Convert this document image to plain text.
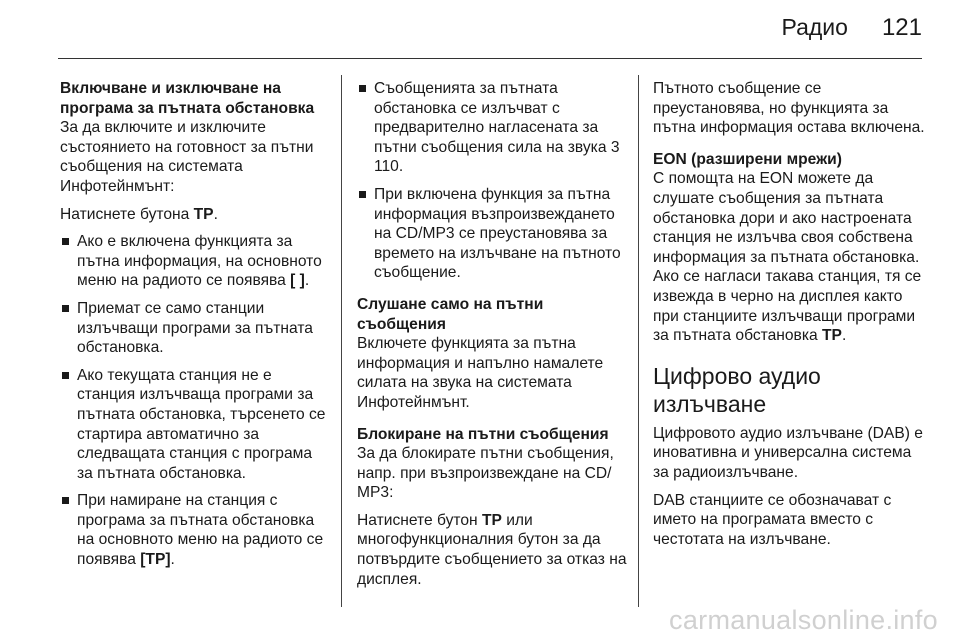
Радио 121
Включване и изключване на програма за пътната обстановка

За да включите и изключите състоянието на готовност за пътни съобщения на системата Инфотейнмънт:

Натиснете бутона TP.

Ако е включена функцията за пътна информация, на основното меню на радиото се появява [ ].
Приемат се само станции излъчващи програми за пътната обстановка.
Ако текущата станция не е станция излъчваща програми за пътната обстановка, търсенето се стартира автоматично за следващата станция с програма за пътната обстановка.
При намиране на станция с програма за пътната обстановка на основното меню на радиото се появява [TP].
Съобщенията за пътната обстановка се излъчват с предварително нагласената за пътни съобщения сила на звука 3 110.
При включена функция за пътна информация възпроизвеждането на CD/MP3 се преустановява за времето на излъчване на пътното съобщение.
Слушане само на пътни съобщения

Включете функцията за пътна информация и напълно намалете силата на звука на системата Инфотейнмънт.

Блокиране на пътни съобщения

За да блокирате пътни съобщения, напр. при възпроизвеждане на CD/ MP3:

Натиснете бутон TP или многофункционалния бутон за да потвърдите съобщението за отказ на дисплея.

Пътното съобщение се преустановява, но функцията за пътна информация остава включена.

EON (разширени мрежи)

С помощта на EON можете да слушате съобщения за пътната обстановка дори и ако настроената станция не излъчва своя собствена информация за пътната обстановка. Ако се нагласи такава станция, тя се извежда в черно на дисплея както при станциите излъчващи програми за пътната обстановка TP.

Цифрово аудио излъчване

Цифровото аудио излъчване (DAB) е иновативна и универсална система за радиоизлъчване.

DAB станциите се обозначават с името на програмата вместо с честотата на излъчване.

carmanualsonline.info
